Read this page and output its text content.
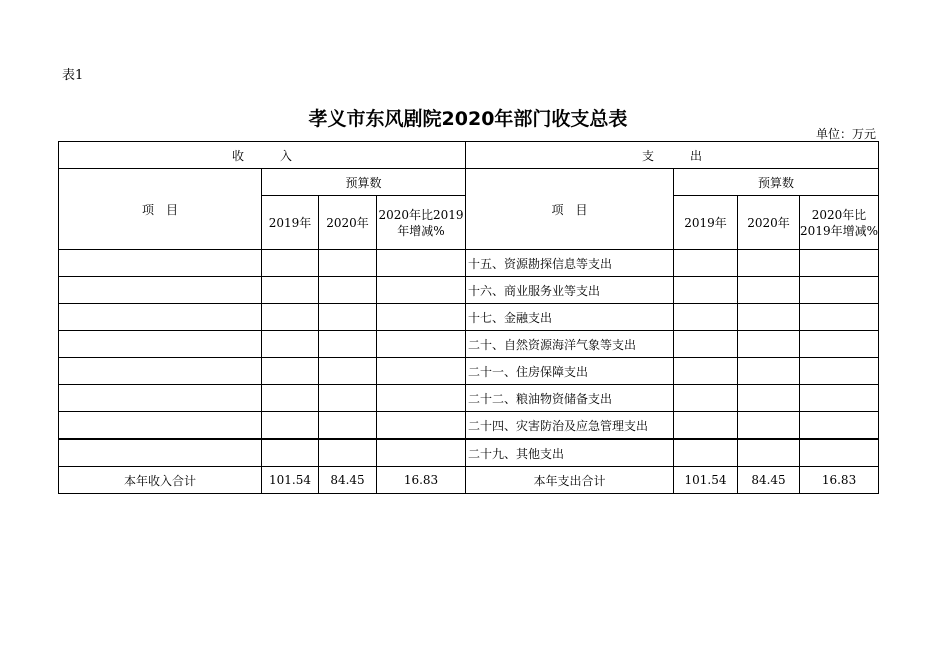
表1
孝义市东风剧院2020年部门收支总表
单位：万元
收　　　入				支　　　出			
项　目	预算数			项　目	预算数		
	2019年	2020年	2020年比2019年增减%		2019年	2020年	2020年比2019年增减%
				十五、资源勘探信息等支出			
				十六、商业服务业等支出			
				十七、金融支出			
				二十、自然资源海洋气象等支出			
				二十一、住房保障支出			
				二十二、粮油物资储备支出			
				二十四、灾害防治及应急管理支出			
				二十九、其他支出			
本年收入合计	101.54	84.45	16.83	本年支出合计	101.54	84.45	16.83
